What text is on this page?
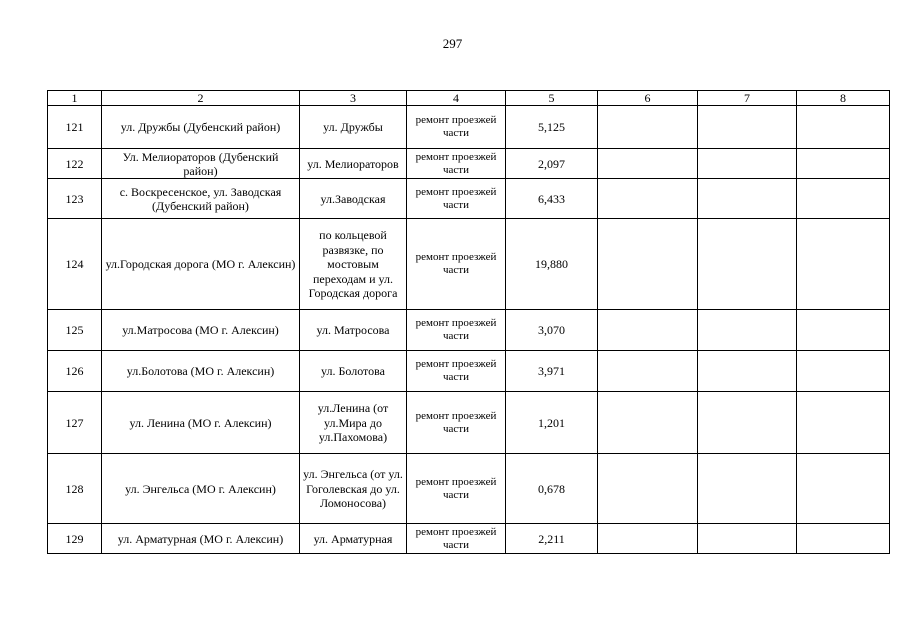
297
1	2	3	4	5	6	7	8
121	ул. Дружбы (Дубенский район)	ул. Дружбы	ремонт проезжей части	5,125			
122	Ул. Мелиораторов (Дубенский район)	ул. Мелиораторов	ремонт проезжей части	2,097			
123	с. Воскресенское, ул. Заводская (Дубенский район)	ул.Заводская	ремонт проезжей части	6,433			
124	ул.Городская дорога (МО г. Алексин)	по кольцевой развязке, по мостовым переходам и ул. Городская дорога	ремонт проезжей части	19,880			
125	ул.Матросова (МО г. Алексин)	ул. Матросова	ремонт проезжей части	3,070			
126	ул.Болотова (МО г. Алексин)	ул. Болотова	ремонт проезжей части	3,971			
127	ул. Ленина (МО г. Алексин)	ул.Ленина (от ул.Мира до ул.Пахомова)	ремонт проезжей части	1,201			
128	ул. Энгельса (МО г. Алексин)	ул. Энгельса (от ул. Гоголевская до ул. Ломоносова)	ремонт проезжей части	0,678			
129	ул. Арматурная (МО г. Алексин)	ул. Арматурная	ремонт проезжей части	2,211			
